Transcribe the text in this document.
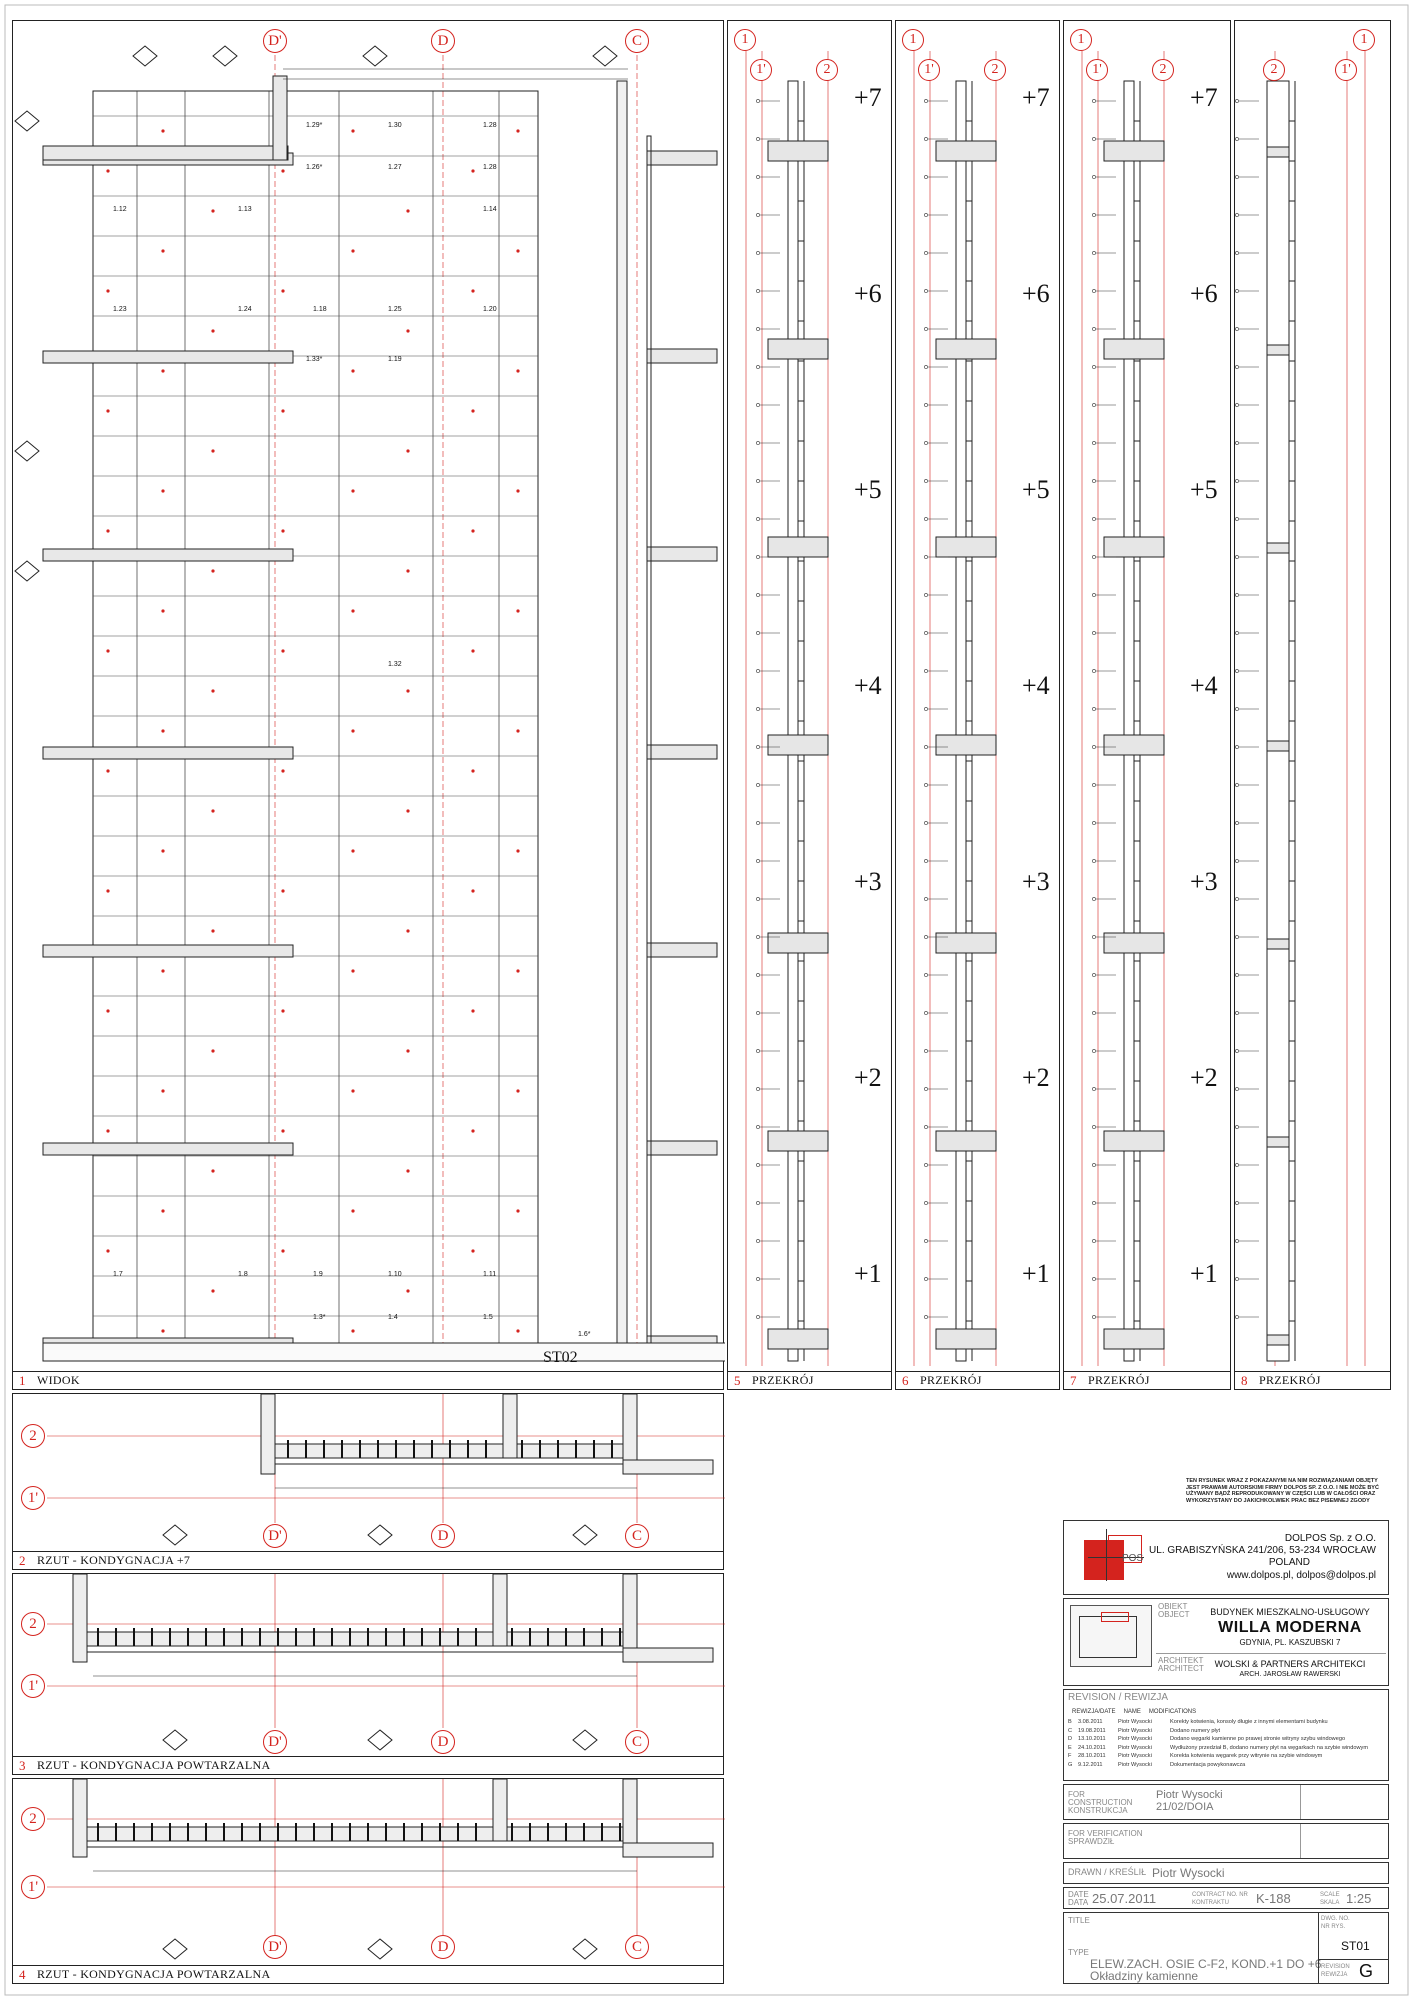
D'	D	C
1.29*	1.30	1.28
1.26*	1.27	1.28
1.12	1.13	1.14
1.23	1.24	1.18	1.25	1.20
1.33*	1.19
1.32
1.7	1.8	1.9	1.10	1.11
1.3*	1.4	1.5
1.6*
ST02
1 WIDOK
1
1'	2
+7
+6
+5
+4
+3
+2
+1
5 PRZEKRÓJ
1
1'	2
+7
+6
+5
+4
+3
+2
+1
6 PRZEKRÓJ
1
1'	2
+7
+6
+5
+4
+3
+2
+1
7 PRZEKRÓJ
2
1
1'
8 PRZEKRÓJ
2
1'
D'	D	C
2 RZUT - KONDYGNACJA +7
2
1'
D'	D	C
3 RZUT - KONDYGNACJA POWTARZALNA
2
1'
D'	D	C
4 RZUT - KONDYGNACJA POWTARZALNA
TEN RYSUNEK WRAZ Z POKAZANYMI NA NIM ROZWIĄZANIAMI OBJĘTY JEST PRAWAMI AUTORSKIMI FIRMY DOLPOS SP. Z O.O. I NIE MOŻE BYĆ UŻYWANY BĄDŹ REPRODUKOWANY W CZĘŚCI LUB W CAŁOŚCI ORAZ WYKORZYSTANY DO JAKICHKOLWIEK PRAC BEZ PISEMNEJ ZGODY
POS
DOLPOS Sp. z O.O.
UL. GRABISZYŃSKA 241/206, 53-234 WROCŁAW
POLAND
www.dolpos.pl, dolpos@dolpos.pl
OBIEKT OBJECT	BUDYNEK MIESZKALNO-USŁUGOWY
WILLA MODERNA
GDYNIA, PL. KASZUBSKI 7
ARCHITEKT ARCHITECT	WOLSKI & PARTNERS ARCHITEKCI
ARCH. JAROSŁAW RAWERSKI
REVISION / REWIZJA
REWIZJA/DATE	NAME	MODIFICATIONS
B 3.08.2011	Piotr Wysocki	Korekty kotwienia, konsoly długie z innymi elementami budynku
C 19.08.2011 Piotr Wysocki	Dodano numery płyt
D 13.10.2011 Piotr Wysocki	Dodano węgarki kamienne po prawej stronie witryny szybu windowego
E 24.10.2011 Piotr Wysocki	Wydłużony przedział B, dodano numery płyt na węgarkach na szybie windowym
F 28.10.2011 Piotr Wysocki	Korekta kotwienia węgarek przy witrynie na szybie windowym
G 9.12.2011	Piotr Wysocki	Dokumentacja powykonawcza
FOR CONSTRUCTION KONSTRUKCJA
Piotr Wysocki
21/02/DOIA
FOR VERIFICATION SPRAWDZIŁ
DRAWN / KREŚLIŁ Piotr Wysocki
DATE DATA 25.07.2011	CONTRACT NO. NR KONTRAKTU	K-188	SCALE SKALA 1:25
TITLE
TYPE
ELEW.ZACH. OSIE C-F2, KOND.+1 DO +6
Okładziny kamienne
DWG. NO. NR RYS.
ST01
REVISION REWIZJA G
